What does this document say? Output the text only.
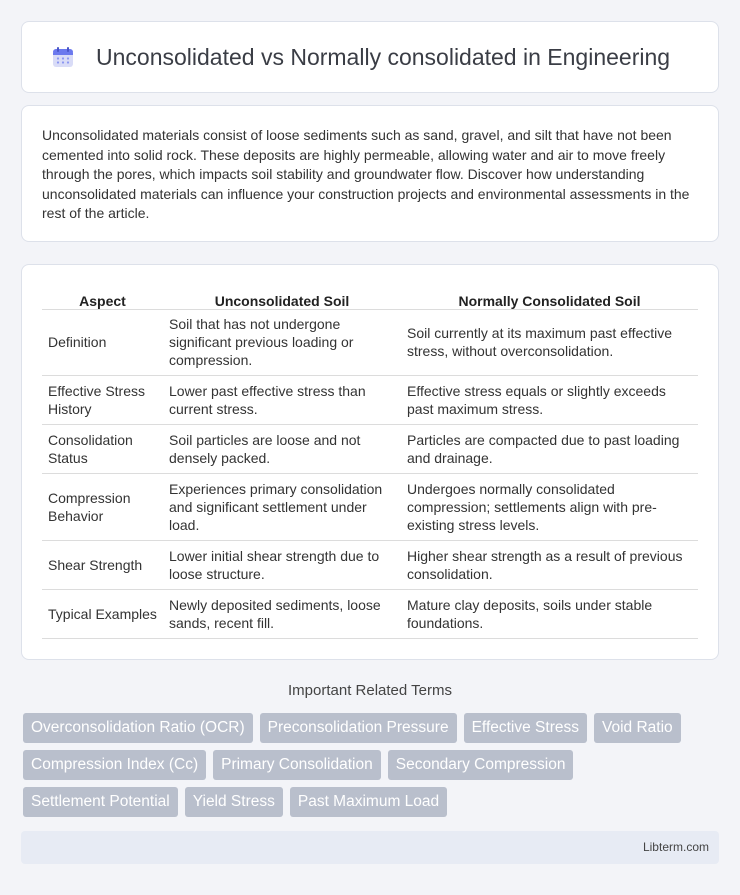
Unconsolidated vs Normally consolidated in Engineering

Unconsolidated materials consist of loose sediments such as sand, gravel, and silt that have not been cemented into solid rock. These deposits are highly permeable, allowing water and air to move freely through the pores, which impacts soil stability and groundwater flow. Discover how understanding unconsolidated materials can influence your construction projects and environmental assessments in the rest of the article.

Aspect	Unconsolidated Soil	Normally Consolidated Soil
Definition	Soil that has not undergone significant previous loading or compression.	Soil currently at its maximum past effective stress, without overconsolidation.
Effective Stress History	Lower past effective stress than current stress.	Effective stress equals or slightly exceeds past maximum stress.
Consolidation Status	Soil particles are loose and not densely packed.	Particles are compacted due to past loading and drainage.
Compression Behavior	Experiences primary consolidation and significant settlement under load.	Undergoes normally consolidated compression; settlements align with pre-existing stress levels.
Shear Strength	Lower initial shear strength due to loose structure.	Higher shear strength as a result of previous consolidation.
Typical Examples	Newly deposited sediments, loose sands, recent fill.	Mature clay deposits, soils under stable foundations.
Important Related Terms
Overconsolidation Ratio (OCR)	Preconsolidation Pressure	Effective Stress	Void Ratio
Compression Index (Cc)	Primary Consolidation	Secondary Compression
Settlement Potential	Yield Stress	Past Maximum Load
Libterm.com
